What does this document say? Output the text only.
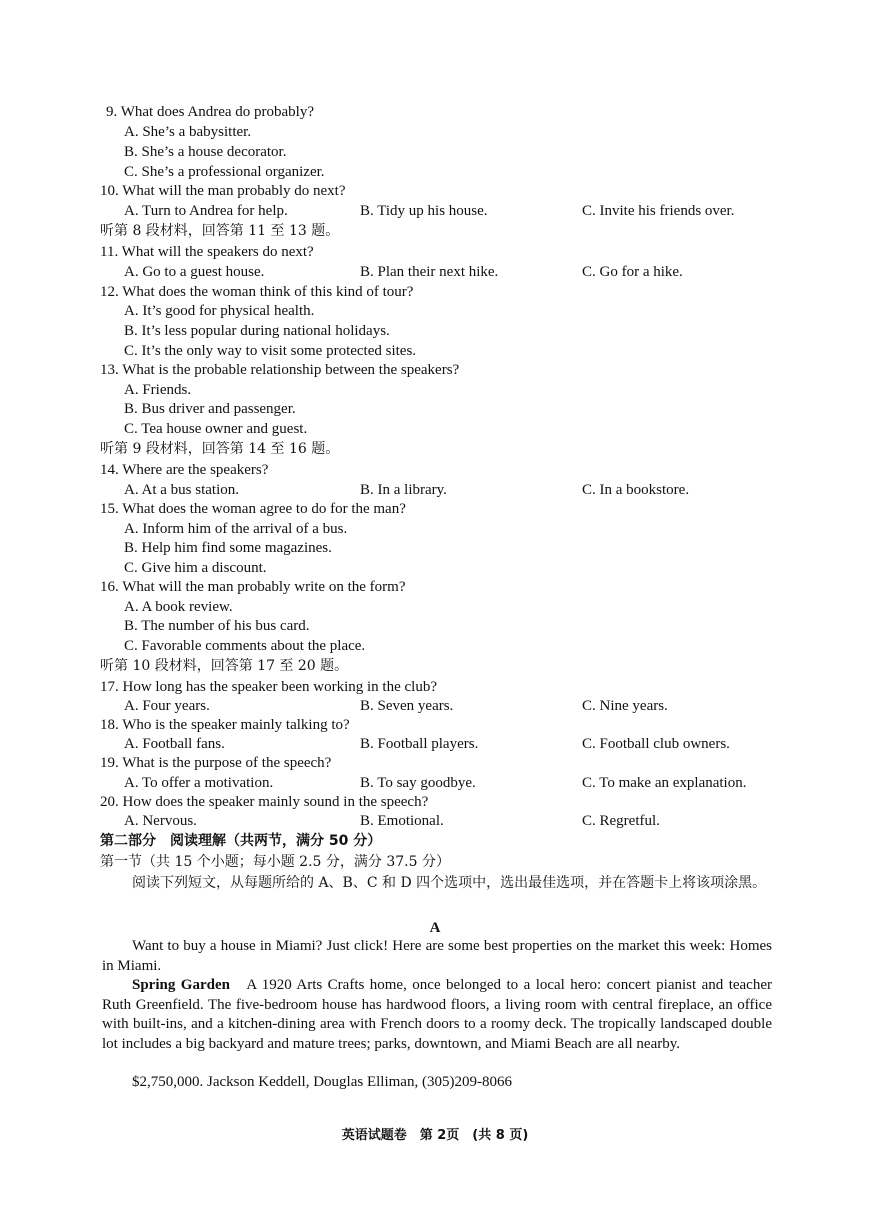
9. What does Andrea do probably?
A. She’s a babysitter.
B. She’s a house decorator.
C. She’s a professional organizer.
10. What will the man probably do next?
A. Turn to Andrea for help.	B. Tidy up his house.	C. Invite his friends over.
听第 8 段材料，回答第 11 至 13 题。
11. What will the speakers do next?
A. Go to a guest house.	B. Plan their next hike.	C. Go for a hike.
12. What does the woman think of this kind of tour?
A. It’s good for physical health.
B. It’s less popular during national holidays.
C. It’s the only way to visit some protected sites.
13. What is the probable relationship between the speakers?
A. Friends.
B. Bus driver and passenger.
C. Tea house owner and guest.
听第 9 段材料，回答第 14 至 16 题。
14. Where are the speakers?
A. At a bus station.	B. In a library.	C. In a bookstore.
15. What does the woman agree to do for the man?
A. Inform him of the arrival of a bus.
B. Help him find some magazines.
C. Give him a discount.
16. What will the man probably write on the form?
A. A book review.
B. The number of his bus card.
C. Favorable comments about the place.
听第 10 段材料，回答第 17 至 20 题。
17. How long has the speaker been working in the club?
A. Four years.	B. Seven years.	C. Nine years.
18. Who is the speaker mainly talking to?
A. Football fans.	B. Football players.	C. Football club owners.
19. What is the purpose of the speech?
A. To offer a motivation.	B. To say goodbye.	C. To make an explanation.
20. How does the speaker mainly sound in the speech?
A. Nervous.	B. Emotional.	C. Regretful.
第二部分　阅读理解（共两节，满分 50 分）
第一节（共 15 个小题；每小题 2.5 分，满分 37.5 分）
阅读下列短文，从每题所给的 A、B、C 和 D 四个选项中，选出最佳选项，并在答题卡上将该项涂黑。
A
Want to buy a house in Miami? Just click! Here are some best properties on the market this week: Homes in Miami.
Spring Garden A 1920 Arts Crafts home, once belonged to a local hero: concert pianist and teacher Ruth Greenfield. The five-bedroom house has hardwood floors, a living room with central fireplace, an office with built-ins, and a kitchen-dining area with French doors to a roomy deck. The tropically landscaped double lot includes a big backyard and mature trees; parks, downtown, and Miami Beach are all nearby.
$2,750,000. Jackson Keddell, Douglas Elliman, (305)209-8066
英语试题卷　第 2页　(共 8 页)
